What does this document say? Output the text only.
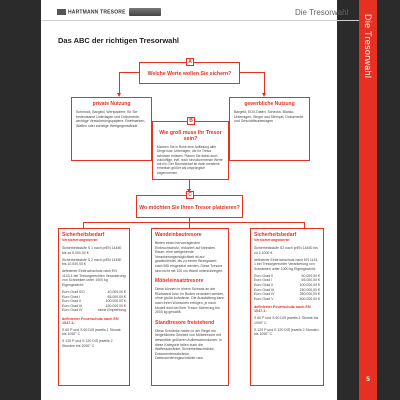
HARTMANN TRESORE	Die Tresorwahl
Das ABC der richtigen Tresorwahl
A
Welche Werte wollen Sie sichern?
private Nutzung
Schmuck, Bargeld, Wertpapiere, für Sie bedeutsame Unterlagen und Dokumente, wichtige Versicherungspapiere, Briefmarken, Waffen oder sonstige Wertgegenstände
gewerbliche Nutzung
Bargeld, EDV-Daten, Schecks, Blanko-Unterlagen, Siegel und Stempel, Dokumente und Geschäftsunterlagen
B
Wie groß muss Ihr Tresor sein?
Machen Sie in Ruhe eine Auflistung aller Dinge bzw. Unterlagen, die Ihr Tresor schützen müssen. Planen Sie dabei auch zukünftige, evtl. noch hinzukommende Werte mit ein. Der Raumbedarf ist dann meistens erheblich größer als ursprünglich angenommen.
C
Wo möchten Sie Ihren Tresor platzieren?
Sicherheitsbedarf
Versicherungswerte:

Sicherheitsstufe S 1 nach prEN 14450 bis zu 5.000,00 €

Sicherheitsstufe S 2 nach prEN 14450 bis 10.000,00 €

definierter Einbruchschutz nach EN 1143-1 bei Tresorgerechten Verankerung von Schränken unter 1000 kg Eigengewicht:

Euro Grad 0/O	40.000,00 €
Euro Grad I	65.000,00 €
Euro Grad II	100.000,00 €
Euro Grad III	150.000,00 €
Euro Grad IV	keine Empfehlung
definierter Feuerschutz nach EN 1047-1:

S 60 P und S 60 DIS jeweils 1 Stunde bis 1090° C

S 120 P und S 120 DIS jeweils 2 Stunden bis 1090° C

Wandeinbautresore
Bieten einen hervorragenden Einbruchschutz, reduziert auf kleinsten Raum, eine weitgehende Verankerungsmöglichkeit ist auf gewährleistet, bis zu einem Bezugswert nach BSI eingesetzt werden. Diese Tresore sind nicht mit 100 cm Wand unterzubringen.
Möbeleinsatztresore
Diese können in einem Schrank an der Rückwand bzw. im Boden verankert werden, ohne große Aufwände. Die Ausstattung kann nach Ihren Wünschen erfolgen, je nach Modell wird bei Ihrer Tresor-Sicherung bis 2000 kg gewählt.
Standtresore freistehend
Diese Schränke haben in der Regel ein freigebliches Gewicht von Möbelresore mit wesentlich größeren Aufbewahrvolumen. In diese Kategorie fallen auch die Waffenschränke, Sicherheitsschränke, Dokumentenschränke, Datensicherungsschränke usw.
Sicherheitsbedarf
Versicherungswerte:

Sicherheitsstufe S2 nach prEN 14450 bis zu 2.1000 €

definierter Einbruchschutz nach EN 1143-1 bei Tresorgerechter Verankerung von Schränken unter 1000 kg Eigengewicht:

Euro Grad 0	50.000,00 €
Euro Grad I	65.000,00 €
Euro Grad II	100.000,00 €
Euro Grad III	150.000,00 €
Euro Grad IV	250.000,00 €
Euro Grad V	400.000,00 €
definierter Feuerschutz nach EN 1047-1:

S 60 P und S 60 DIS jeweils 1 Stunde bis 1090° C

S 120 P und S 120 DIS jeweils 2 Stunden bis 1090° C

Die Tresorwahl
5
